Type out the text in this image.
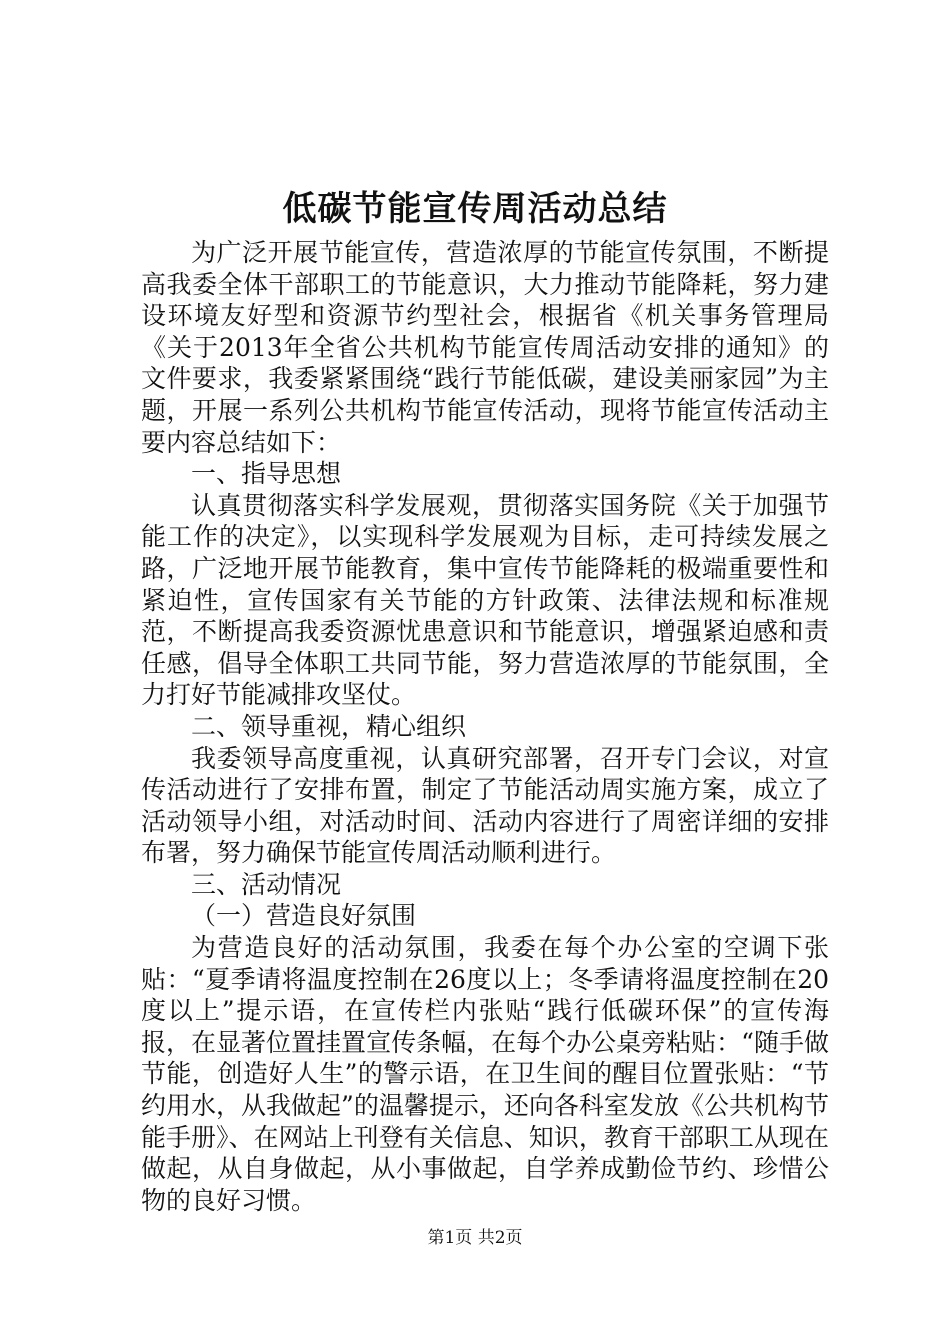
低碳节能宣传周活动总结

为广泛开展节能宣传，营造浓厚的节能宣传氛围，不断提高我委全体干部职工的节能意识，大力推动节能降耗，努力建设环境友好型和资源节约型社会，根据省《机关事务管理局《关于2013年全省公共机构节能宣传周活动安排的通知》的文件要求，我委紧紧围绕“践行节能低碳，建设美丽家园”为主题，开展一系列公共机构节能宣传活动，现将节能宣传活动主要内容总结如下：

一、指导思想

认真贯彻落实科学发展观，贯彻落实国务院《关于加强节能工作的决定》，以实现科学发展观为目标，走可持续发展之路，广泛地开展节能教育，集中宣传节能降耗的极端重要性和紧迫性，宣传国家有关节能的方针政策、法律法规和标准规范，不断提高我委资源忧患意识和节能意识，增强紧迫感和责任感，倡导全体职工共同节能，努力营造浓厚的节能氛围，全力打好节能减排攻坚仗。

二、领导重视，精心组织

我委领导高度重视，认真研究部署，召开专门会议，对宣传活动进行了安排布置，制定了节能活动周实施方案，成立了活动领导小组，对活动时间、活动内容进行了周密详细的安排布署，努力确保节能宣传周活动顺利进行。

三、活动情况

（一）营造良好氛围

为营造良好的活动氛围，我委在每个办公室的空调下张贴：“夏季请将温度控制在26度以上；冬季请将温度控制在20度以上”提示语，在宣传栏内张贴“践行低碳环保”的宣传海报，在显著位置挂置宣传条幅，在每个办公桌旁粘贴：“随手做节能，创造好人生”的警示语，在卫生间的醒目位置张贴：“节约用水，从我做起”的温馨提示，还向各科室发放《公共机构节能手册》、在网站上刊登有关信息、知识，教育干部职工从现在做起，从自身做起，从小事做起，自学养成勤俭节约、珍惜公物的良好习惯。

第1页 共2页
